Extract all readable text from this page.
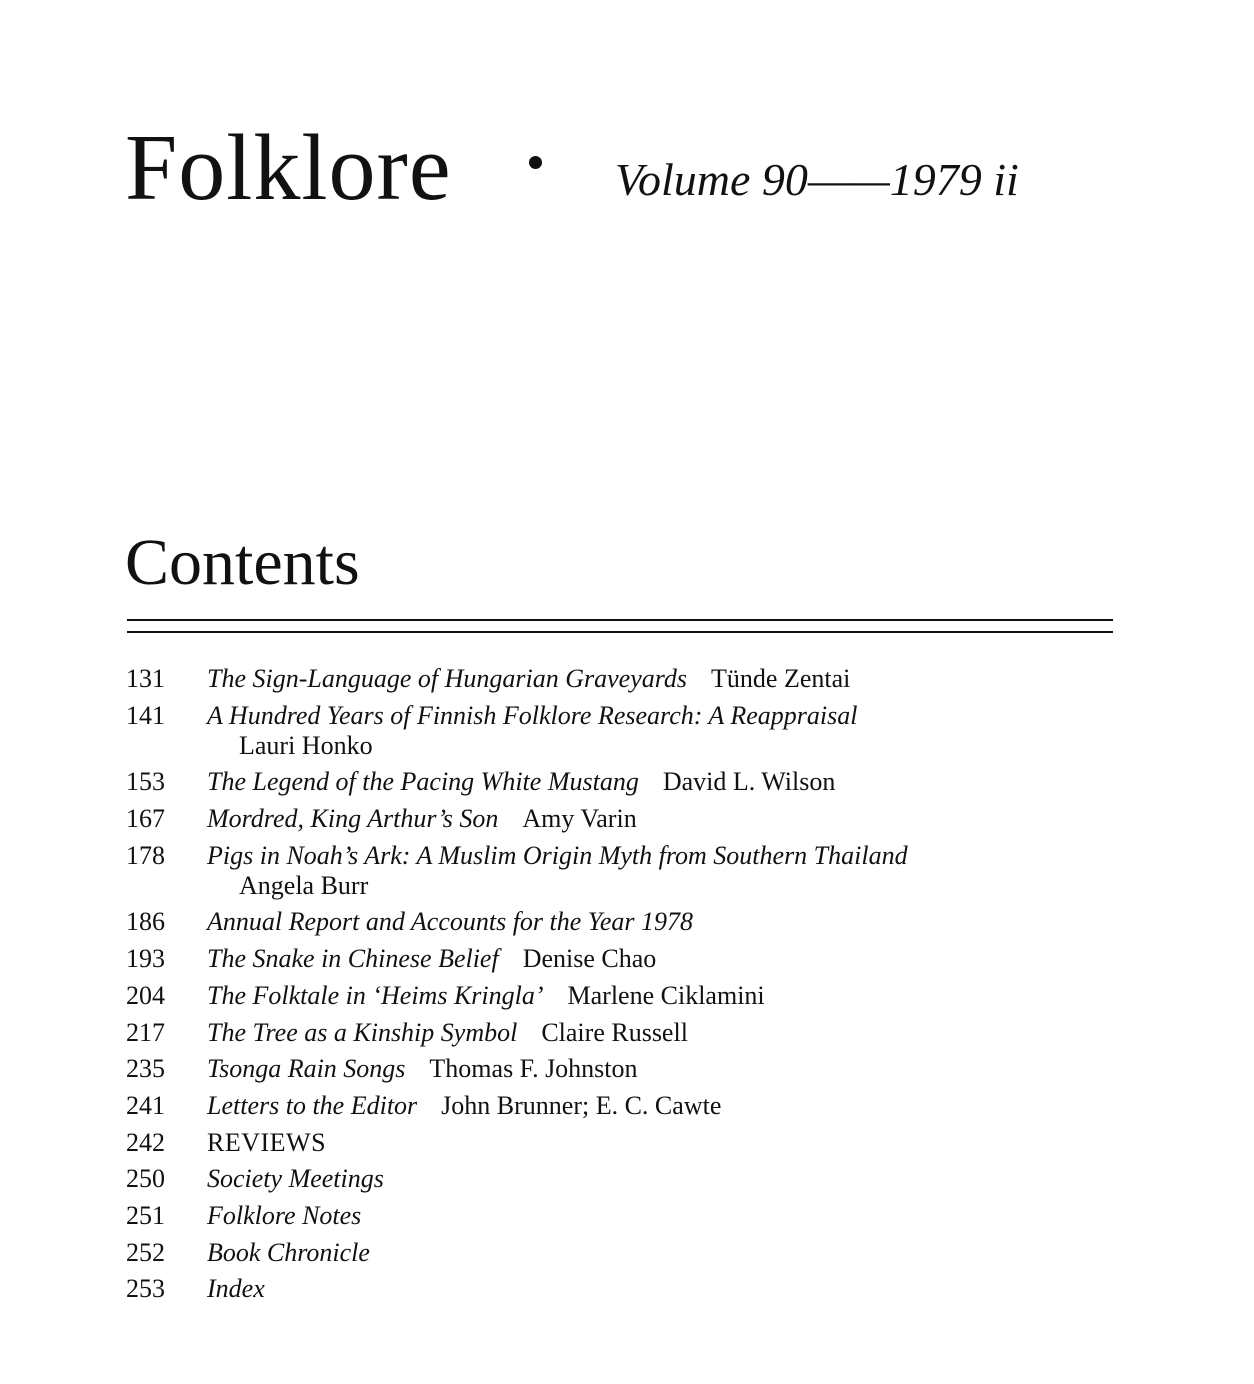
Folklore	Volume 90——1979 ii
Contents
131	The Sign-Language of Hungarian Graveyards Tünde Zentai
141	A Hundred Years of Finnish Folklore Research: A Reappraisal
Lauri Honko
153	The Legend of the Pacing White Mustang David L. Wilson
167	Mordred, King Arthur’s Son Amy Varin
178	Pigs in Noah’s Ark: A Muslim Origin Myth from Southern Thailand
Angela Burr
186	Annual Report and Accounts for the Year 1978
193	The Snake in Chinese Belief Denise Chao
204	The Folktale in ‘Heims Kringla’ Marlene Ciklamini
217	The Tree as a Kinship Symbol Claire Russell
235	Tsonga Rain Songs Thomas F. Johnston
241	Letters to the Editor John Brunner; E. C. Cawte
242	REVIEWS
250	Society Meetings
251	Folklore Notes
252	Book Chronicle
253	Index
